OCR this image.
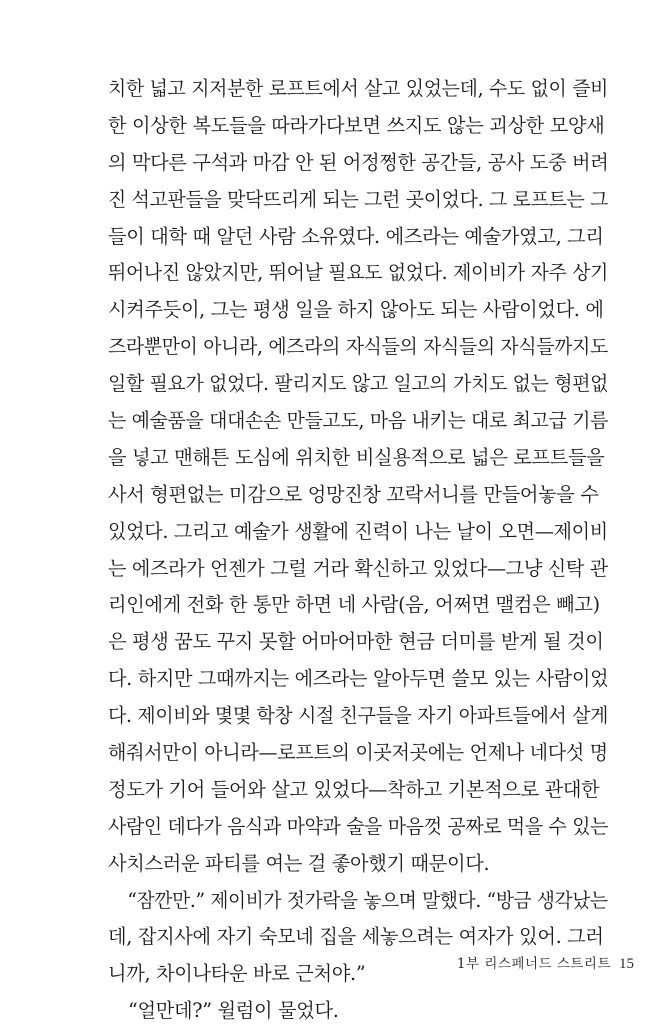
치한 넓고 지저분한 로프트에서 살고 있었는데, 수도 없이 즐비
한 이상한 복도들을 따라가다보면 쓰지도 않는 괴상한 모양새
의 막다른 구석과 마감 안 된 어정쩡한 공간들, 공사 도중 버려
진 석고판들을 맞닥뜨리게 되는 그런 곳이었다. 그 로프트는 그
들이 대학 때 알던 사람 소유였다. 에즈라는 예술가였고, 그리
뛰어나진 않았지만, 뛰어날 필요도 없었다. 제이비가 자주 상기
시켜주듯이, 그는 평생 일을 하지 않아도 되는 사람이었다. 에
즈라뿐만이 아니라, 에즈라의 자식들의 자식들의 자식들까지도
일할 필요가 없었다. 팔리지도 않고 일고의 가치도 없는 형편없
는 예술품을 대대손손 만들고도, 마음 내키는 대로 최고급 기름
을 넣고 맨해튼 도심에 위치한 비실용적으로 넓은 로프트들을
사서 형편없는 미감으로 엉망진창 꼬락서니를 만들어놓을 수
있었다. 그리고 예술가 생활에 진력이 나는 날이 오면—제이비
는 에즈라가 언젠가 그럴 거라 확신하고 있었다—그냥 신탁 관
리인에게 전화 한 통만 하면 네 사람(음, 어쩌면 맬컴은 빼고)
은 평생 꿈도 꾸지 못할 어마어마한 현금 더미를 받게 될 것이
다. 하지만 그때까지는 에즈라는 알아두면 쓸모 있는 사람이었
다. 제이비와 몇몇 학창 시절 친구들을 자기 아파트들에서 살게
해줘서만이 아니라—로프트의 이곳저곳에는 언제나 네다섯 명
정도가 기어 들어와 살고 있었다—착하고 기본적으로 관대한
사람인 데다가 음식과 마약과 술을 마음껏 공짜로 먹을 수 있는
사치스러운 파티를 여는 걸 좋아했기 때문이다.
“잠깐만.” 제이비가 젓가락을 놓으며 말했다. “방금 생각났는
데, 잡지사에 자기 숙모네 집을 세놓으려는 여자가 있어. 그러
니까, 차이나타운 바로 근처야.”
“얼만데?” 윌럼이 물었다.
1부 리스페너드 스트리트 15
